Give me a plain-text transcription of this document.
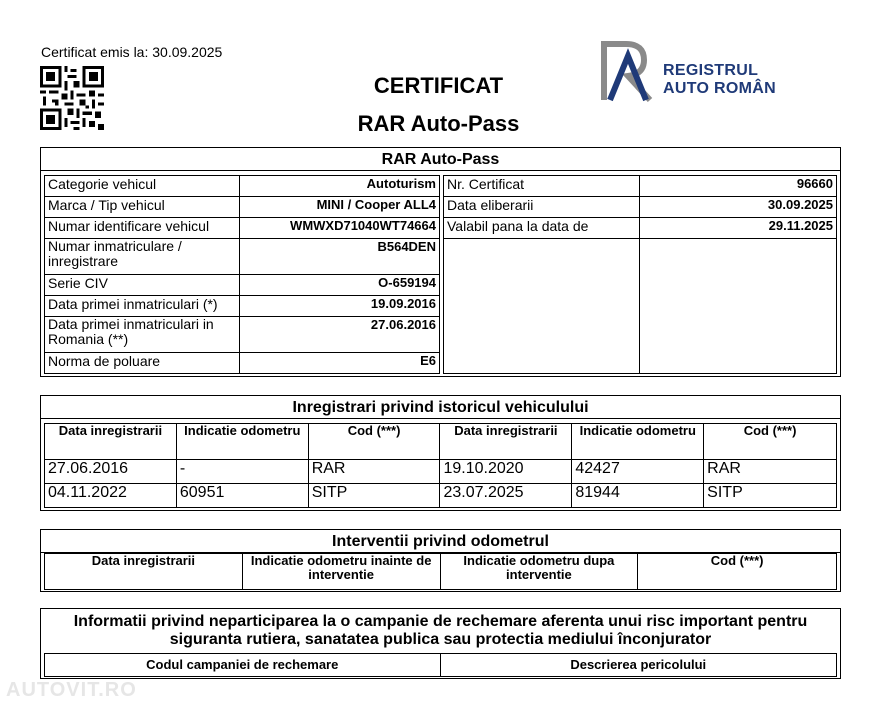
Certificat emis la: 30.09.2025
CERTIFICAT
RAR Auto-Pass
REGISTRUL
AUTO ROMÂN
RAR Auto-Pass
Categorie vehicul	Autoturism
Marca / Tip vehicul	MINI / Cooper ALL4
Numar identificare vehicul	WMWXD71040WT74664
Numar inmatriculare / inregistrare	B564DEN
Serie CIV	O-659194
Data primei inmatriculari (*)	19.09.2016
Data primei inmatriculari in Romania (**)	27.06.2016
Norma de poluare	E6
Nr. Certificat	96660
Data eliberarii	30.09.2025
Valabil pana la data de	29.11.2025

Inregistrari privind istoricul vehiculului
Data inregistrarii	Indicatie odometru	Cod (***)	Data inregistrarii	Indicatie odometru	Cod (***)
27.06.2016	-	RAR	19.10.2020	42427	RAR
04.11.2022	60951	SITP	23.07.2025	81944	SITP
Interventii privind odometrul
Data inregistrarii	Indicatie odometru inainte de interventie	Indicatie odometru dupa interventie	Cod (***)
Informatii privind neparticiparea la o campanie de rechemare aferenta unui risc important pentru siguranta rutiera, sanatatea publica sau protectia mediului înconjurator
Codul campaniei de rechemare	Descrierea pericolului
AUTOVIT.RO
